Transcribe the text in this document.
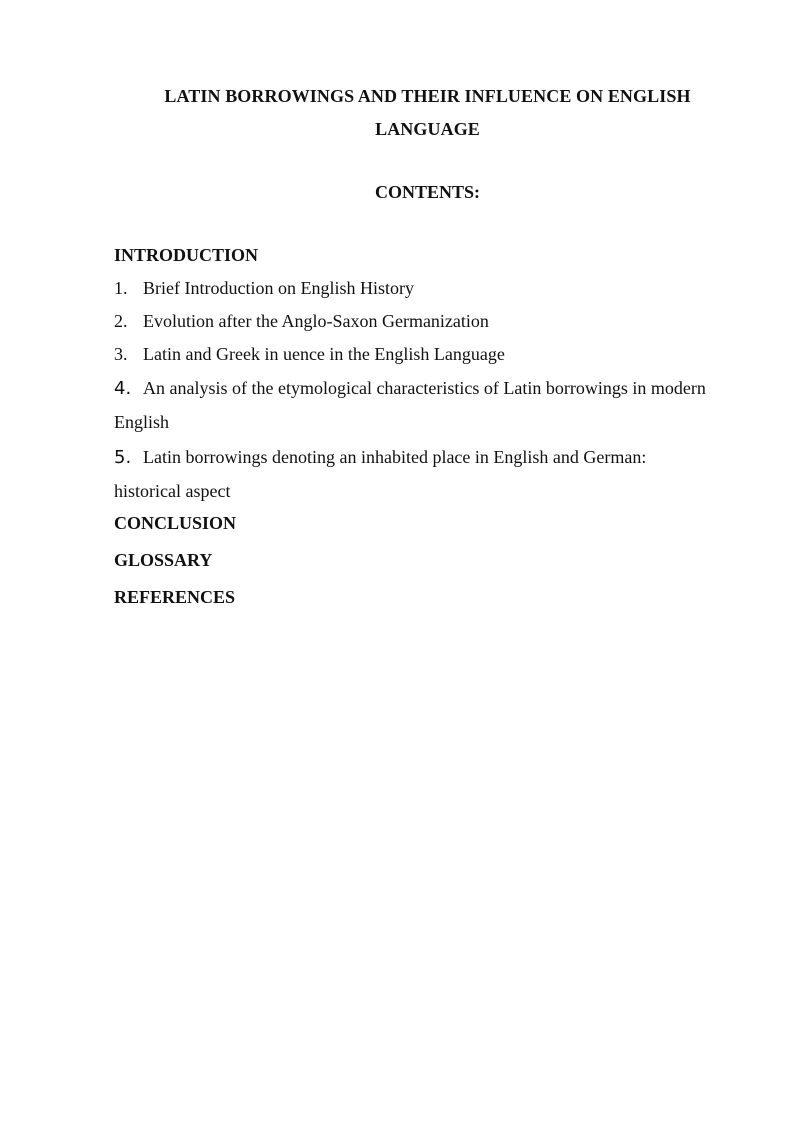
LATIN BORROWINGS AND THEIR INFLUENCE ON ENGLISH
LANGUAGE
CONTENTS:
INTRODUCTION
1. Brief Introduction on English History
2. Evolution after the Anglo-Saxon Germanization
3. Latin and Greek in uence in the English Language
4. An analysis of the etymological characteristics of Latin borrowings in modern
English
5. Latin borrowings denoting an inhabited place in English and German:
historical aspect
CONCLUSION
GLOSSARY
REFERENCES
